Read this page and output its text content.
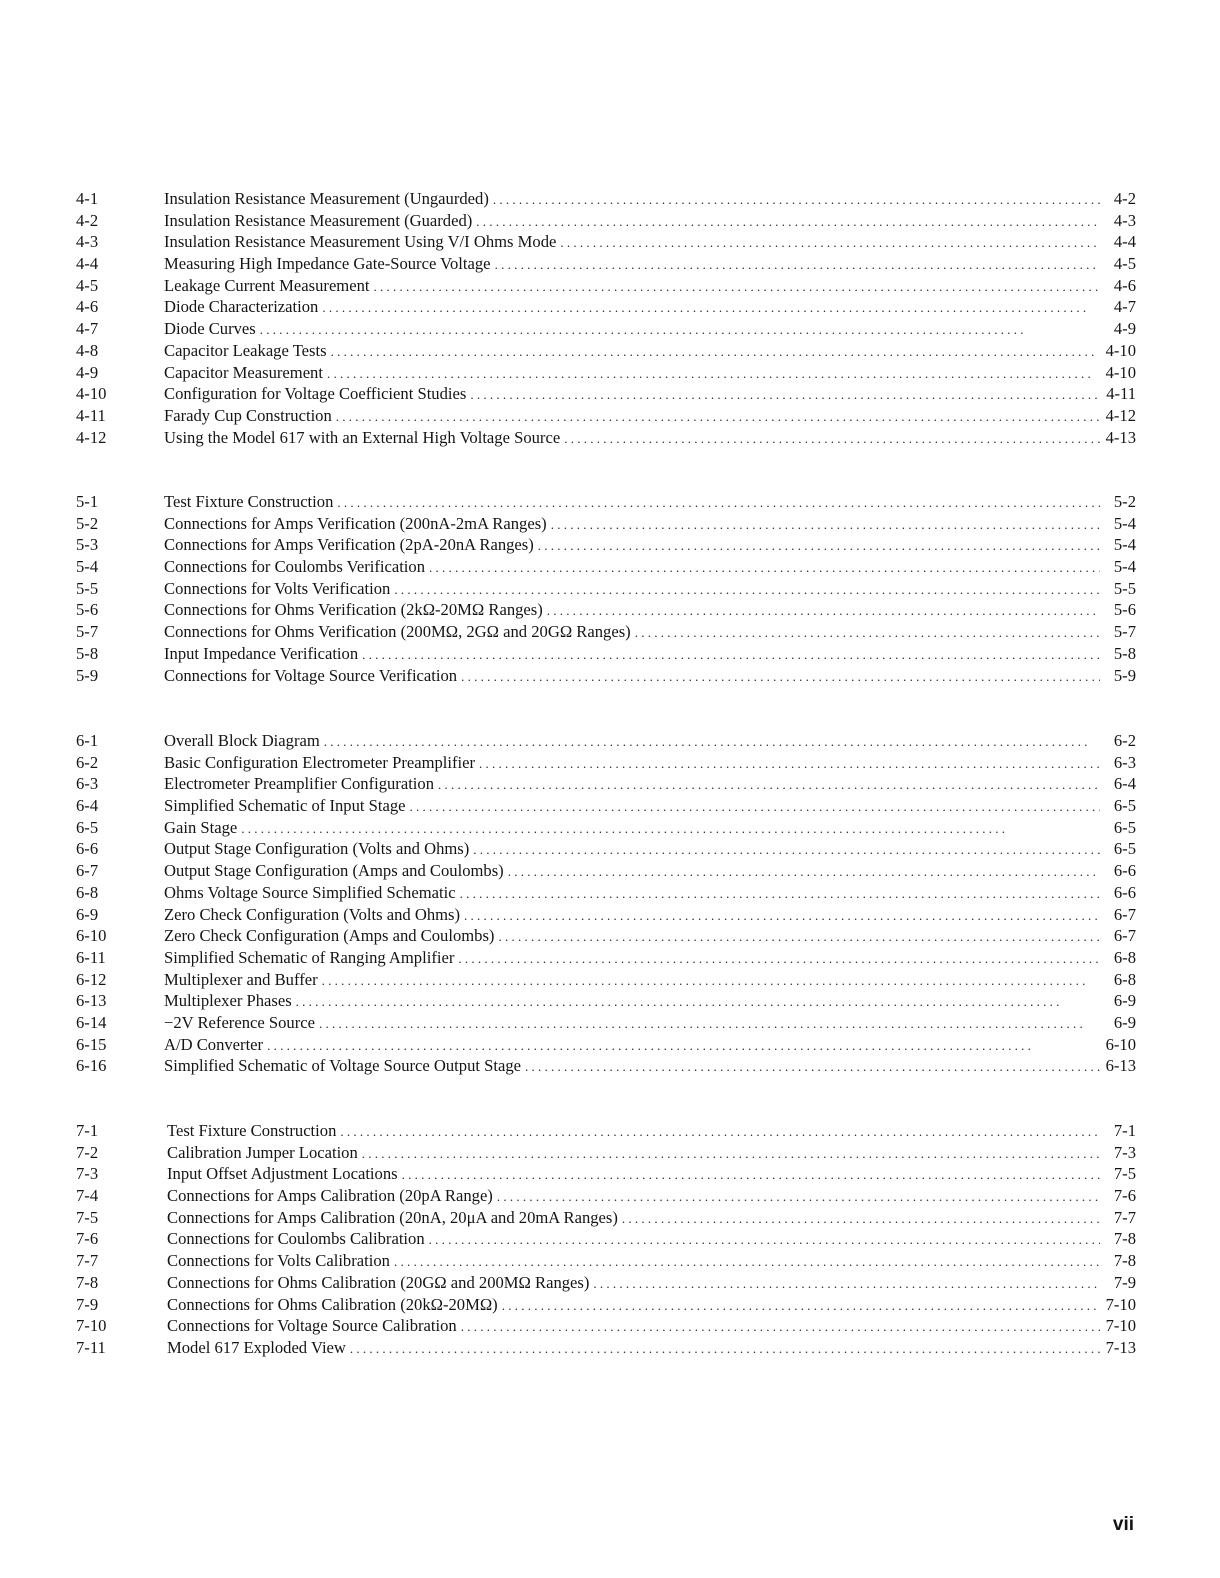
4-1	Insulation Resistance Measurement (Ungaurded) . . .	4-2
4-2	Insulation Resistance Measurement (Guarded) . . .	4-3
4-3	Insulation Resistance Measurement Using V/I Ohms Mode . . .	4-4
4-4	Measuring High Impedance Gate-Source Voltage . . .	4-5
4-5	Leakage Current Measurement . . .	4-6
4-6	Diode Characterization . . .	4-7
4-7	Diode Curves . . .	4-9
4-8	Capacitor Leakage Tests . . .	4-10
4-9	Capacitor Measurement . . .	4-10
4-10	Configuration for Voltage Coefficient Studies . . .	4-11
4-11	Farady Cup Construction . . .	4-12
4-12	Using the Model 617 with an External High Voltage Source . . .	4-13
5-1	Test Fixture Construction . . .	5-2
5-2	Connections for Amps Verification (200nA-2mA Ranges) . . .	5-4
5-3	Connections for Amps Verification (2pA-20nA Ranges) . . .	5-4
5-4	Connections for Coulombs Verification . . .	5-4
5-5	Connections for Volts Verification . . .	5-5
5-6	Connections for Ohms Verification (2kΩ-20MΩ Ranges) . . .	5-6
5-7	Connections for Ohms Verification (200MΩ, 2GΩ and 20GΩ Ranges) . . .	5-7
5-8	Input Impedance Verification . . .	5-8
5-9	Connections for Voltage Source Verification . . .	5-9
6-1	Overall Block Diagram . . .	6-2
6-2	Basic Configuration Electrometer Preamplifier . . .	6-3
6-3	Electrometer Preamplifier Configuration . . .	6-4
6-4	Simplified Schematic of Input Stage . . .	6-5
6-5	Gain Stage . . .	6-5
6-6	Output Stage Configuration (Volts and Ohms) . . .	6-5
6-7	Output Stage Configuration (Amps and Coulombs) . . .	6-6
6-8	Ohms Voltage Source Simplified Schematic . . .	6-6
6-9	Zero Check Configuration (Volts and Ohms) . . .	6-7
6-10	Zero Check Configuration (Amps and Coulombs) . . .	6-7
6-11	Simplified Schematic of Ranging Amplifier . . .	6-8
6-12	Multiplexer and Buffer . . .	6-8
6-13	Multiplexer Phases . . .	6-9
6-14	−2V Reference Source . . .	6-9
6-15	A/D Converter . . .	6-10
6-16	Simplified Schematic of Voltage Source Output Stage . . .	6-13
7-1	Test Fixture Construction . . .	7-1
7-2	Calibration Jumper Location . . .	7-3
7-3	Input Offset Adjustment Locations . . .	7-5
7-4	Connections for Amps Calibration (20pA Range) . . .	7-6
7-5	Connections for Amps Calibration (20nA, 20μA and 20mA Ranges) . . .	7-7
7-6	Connections for Coulombs Calibration . . .	7-8
7-7	Connections for Volts Calibration . . .	7-8
7-8	Connections for Ohms Calibration (20GΩ and 200MΩ Ranges) . . .	7-9
7-9	Connections for Ohms Calibration (20kΩ-20MΩ) . . .	7-10
7-10	Connections for Voltage Source Calibration . . .	7-10
7-11	Model 617 Exploded View . . .	7-13
vii
